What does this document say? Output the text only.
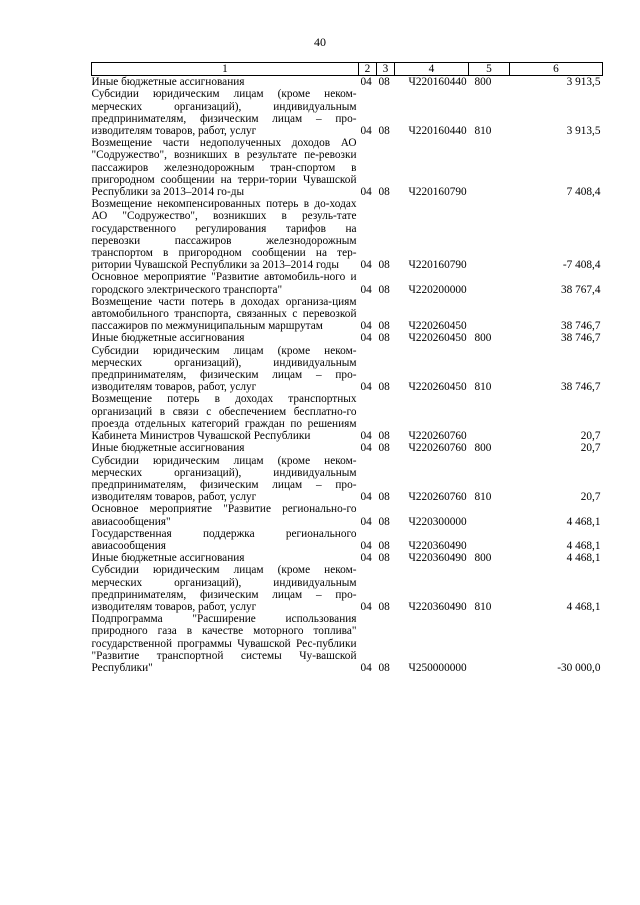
40
1	2	3	4	5	6
Иные бюджетные ассигнования	04	08	Ч220160440	800	3 913,5
Субсидии юридическим лицам (кроме неком-мерческих организаций), индивидуальным предпринимателям, физическим лицам – про-изводителям товаров, работ, услуг	04	08	Ч220160440	810	3 913,5
Возмещение части недополученных доходов АО "Содружество", возникших в результате пе-ревозки пассажиров железнодорожным тран-спортом в пригородном сообщении на терри-тории Чувашской Республики за 2013–2014 го-ды	04	08	Ч220160790		7 408,4
Возмещение некомпенсированных потерь в до-ходах АО "Содружество", возникших в резуль-тате государственного регулирования тарифов на перевозки пассажиров железнодорожным транспортом в пригородном сообщении на тер-ритории Чувашской Республики за 2013–2014 годы	04	08	Ч220160790		-7 408,4
Основное мероприятие "Развитие автомобиль-ного и городского электрического транспорта"	04	08	Ч220200000		38 767,4
Возмещение части потерь в доходах организа-циям автомобильного транспорта, связанных с перевозкой пассажиров по межмуниципальным маршрутам	04	08	Ч220260450		38 746,7
Иные бюджетные ассигнования	04	08	Ч220260450	800	38 746,7
Субсидии юридическим лицам (кроме неком-мерческих организаций), индивидуальным предпринимателям, физическим лицам – про-изводителям товаров, работ, услуг	04	08	Ч220260450	810	38 746,7
Возмещение потерь в доходах транспортных организаций в связи с обеспечением бесплатно-го проезда отдельных категорий граждан по решениям Кабинета Министров Чувашской Республики	04	08	Ч220260760		20,7
Иные бюджетные ассигнования	04	08	Ч220260760	800	20,7
Субсидии юридическим лицам (кроме неком-мерческих организаций), индивидуальным предпринимателям, физическим лицам – про-изводителям товаров, работ, услуг	04	08	Ч220260760	810	20,7
Основное мероприятие "Развитие регионально-го авиасообщения"	04	08	Ч220300000		4 468,1
Государственная поддержка регионального авиасообщения	04	08	Ч220360490		4 468,1
Иные бюджетные ассигнования	04	08	Ч220360490	800	4 468,1
Субсидии юридическим лицам (кроме неком-мерческих организаций), индивидуальным предпринимателям, физическим лицам – про-изводителям товаров, работ, услуг	04	08	Ч220360490	810	4 468,1
Подпрограмма "Расширение использования природного газа в качестве моторного топлива" государственной программы Чувашской Рес-публики "Развитие транспортной системы Чу-вашской Республики"	04	08	Ч250000000		-30 000,0
